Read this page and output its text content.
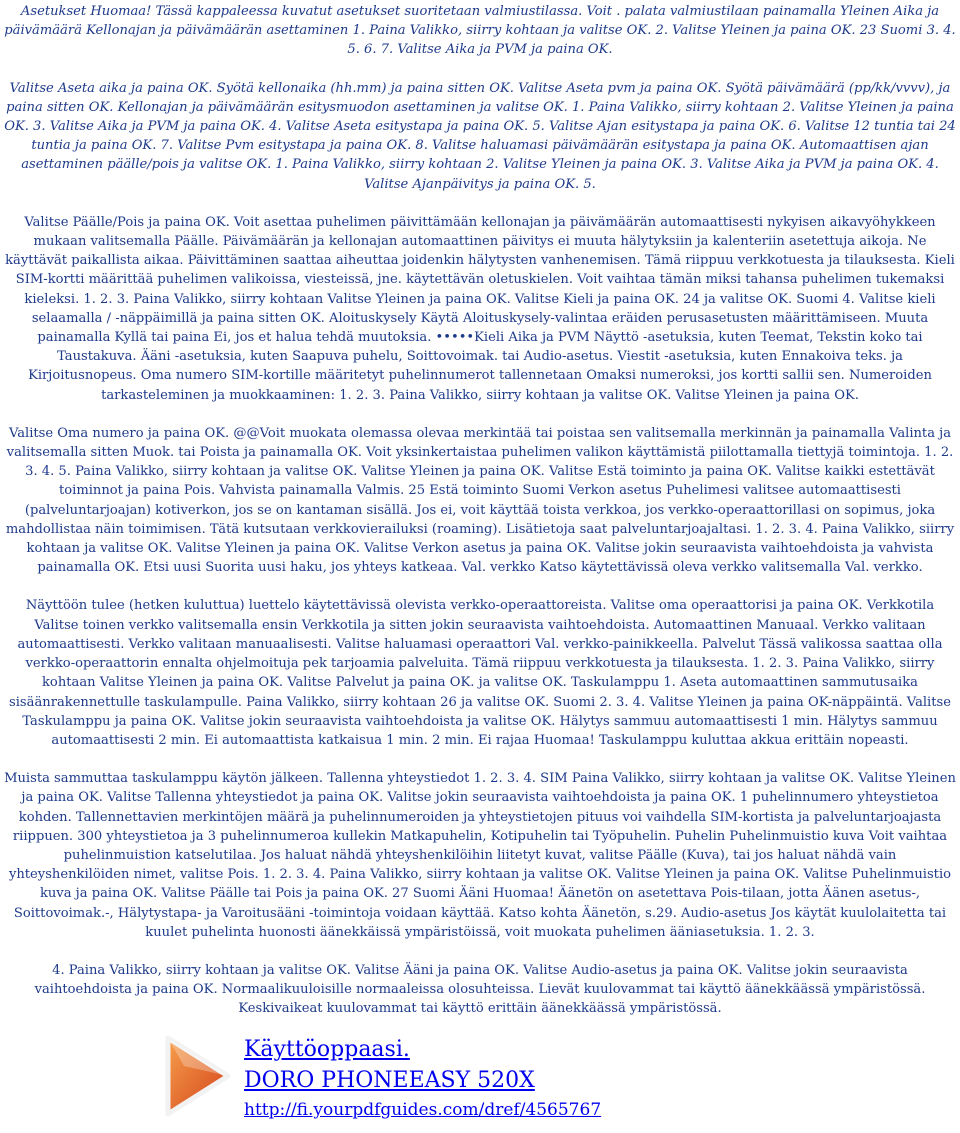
Asetukset Huomaa! Tässä kappaleessa kuvatut asetukset suoritetaan valmiustilassa. Voit . palata valmiustilaan painamalla Yleinen Aika ja päivämäärä Kellonajan ja päivämäärän asettaminen 1. Paina Valikko, siirry kohtaan ja valitse OK. 2. Valitse Yleinen ja paina OK. 23 Suomi 3. 4. 5. 6. 7. Valitse Aika ja PVM ja paina OK.

Valitse Aseta aika ja paina OK. Syötä kellonaika (hh.mm) ja paina sitten OK. Valitse Aseta pvm ja paina OK. Syötä päivämäärä (pp/kk/vvvv), ja paina sitten OK. Kellonajan ja päivämäärän esitysmuodon asettaminen ja valitse OK. 1. Paina Valikko, siirry kohtaan 2. Valitse Yleinen ja paina OK. 3. Valitse Aika ja PVM ja paina OK. 4. Valitse Aseta esitystapa ja paina OK. 5. Valitse Ajan esitystapa ja paina OK. 6. Valitse 12 tuntia tai 24 tuntia ja paina OK. 7. Valitse Pvm esitystapa ja paina OK. 8. Valitse haluamasi päivämäärän esitystapa ja paina OK. Automaattisen ajan asettaminen päälle/pois ja valitse OK. 1. Paina Valikko, siirry kohtaan 2. Valitse Yleinen ja paina OK. 3. Valitse Aika ja PVM ja paina OK. 4. Valitse Ajanpäivitys ja paina OK. 5.

Valitse Päälle/Pois ja paina OK. Voit asettaa puhelimen päivittämään kellonajan ja päivämäärän automaattisesti nykyisen aikavyöhykkeen mukaan valitsemalla Päälle. Päivämäärän ja kellonajan automaattinen päivitys ei muuta hälytyksiin ja kalenteriin asetettuja aikoja. Ne käyttävät paikallista aikaa. Päivittäminen saattaa aiheuttaa joidenkin hälytysten vanhenemisen. Tämä riippuu verkkotuesta ja tilauksesta. Kieli SIM-kortti määrittää puhelimen valikoissa, viesteissä, jne. käytettävän oletuskielen. Voit vaihtaa tämän miksi tahansa puhelimen tukemaksi kieleksi. 1. 2. 3. Paina Valikko, siirry kohtaan Valitse Yleinen ja paina OK. Valitse Kieli ja paina OK. 24 ja valitse OK. Suomi 4. Valitse kieli selaamalla / -näppäimillä ja paina sitten OK. Aloituskysely Käytä Aloituskysely-valintaa eräiden perusasetusten määrittämiseen. Muuta painamalla Kyllä tai paina Ei, jos et halua tehdä muutoksia. •••••Kieli Aika ja PVM Näyttö -asetuksia, kuten Teemat, Tekstin koko tai Taustakuva. Ääni -asetuksia, kuten Saapuva puhelu, Soittovoimak. tai Audio-asetus. Viestit -asetuksia, kuten Ennakoiva teks. ja Kirjoitusnopeus. Oma numero SIM-kortille määritetyt puhelinnumerot tallennetaan Omaksi numeroksi, jos kortti sallii sen. Numeroiden tarkasteleminen ja muokkaaminen: 1. 2. 3. Paina Valikko, siirry kohtaan ja valitse OK. Valitse Yleinen ja paina OK.

Valitse Oma numero ja paina OK. @@Voit muokata olemassa olevaa merkintää tai poistaa sen valitsemalla merkinnän ja painamalla Valinta ja valitsemalla sitten Muok. tai Poista ja painamalla OK. Voit yksinkertaistaa puhelimen valikon käyttämistä piilottamalla tiettyjä toimintoja. 1. 2. 3. 4. 5. Paina Valikko, siirry kohtaan ja valitse OK. Valitse Yleinen ja paina OK. Valitse Estä toiminto ja paina OK. Valitse kaikki estettävät toiminnot ja paina Pois. Vahvista painamalla Valmis. 25 Estä toiminto Suomi Verkon asetus Puhelimesi valitsee automaattisesti (palveluntarjoajan) kotiverkon, jos se on kantaman sisällä. Jos ei, voit käyttää toista verkkoa, jos verkko-operaattorillasi on sopimus, joka mahdollistaa näin toimimisen. Tätä kutsutaan verkkovierailuksi (roaming). Lisätietoja saat palveluntarjoajaltasi. 1. 2. 3. 4. Paina Valikko, siirry kohtaan ja valitse OK. Valitse Yleinen ja paina OK. Valitse Verkon asetus ja paina OK. Valitse jokin seuraavista vaihtoehdoista ja vahvista painamalla OK. Etsi uusi Suorita uusi haku, jos yhteys katkeaa. Val. verkko Katso käytettävissä oleva verkko valitsemalla Val. verkko.

Näyttöön tulee (hetken kuluttua) luettelo käytettävissä olevista verkko-operaattoreista. Valitse oma operaattorisi ja paina OK. Verkkotila Valitse toinen verkko valitsemalla ensin Verkkotila ja sitten jokin seuraavista vaihtoehdoista. Automaattinen Manuaal. Verkko valitaan automaattisesti. Verkko valitaan manuaalisesti. Valitse haluamasi operaattori Val. verkko-painikkeella. Palvelut Tässä valikossa saattaa olla verkko-operaattorin ennalta ohjelmoituja pek tarjoamia palveluita. Tämä riippuu verkkotuesta ja tilauksesta. 1. 2. 3. Paina Valikko, siirry kohtaan Valitse Yleinen ja paina OK. Valitse Palvelut ja paina OK. ja valitse OK. Taskulamppu 1. Aseta automaattinen sammutusaika sisäänrakennettulle taskulampulle. Paina Valikko, siirry kohtaan 26 ja valitse OK. Suomi 2. 3. 4. Valitse Yleinen ja paina OK-näppäintä. Valitse Taskulamppu ja paina OK. Valitse jokin seuraavista vaihtoehdoista ja valitse OK. Hälytys sammuu automaattisesti 1 min. Hälytys sammuu automaattisesti 2 min. Ei automaattista katkaisua 1 min. 2 min. Ei rajaa Huomaa! Taskulamppu kuluttaa akkua erittäin nopeasti.

Muista sammuttaa taskulamppu käytön jälkeen. Tallenna yhteystiedot 1. 2. 3. 4. SIM Paina Valikko, siirry kohtaan ja valitse OK. Valitse Yleinen ja paina OK. Valitse Tallenna yhteystiedot ja paina OK. Valitse jokin seuraavista vaihtoehdoista ja paina OK. 1 puhelinnumero yhteystietoa kohden. Tallennettavien merkintöjen määrä ja puhelinnumeroiden ja yhteystietojen pituus voi vaihdella SIM-kortista ja palveluntarjoajasta riippuen. 300 yhteystietoa ja 3 puhelinnumeroa kullekin Matkapuhelin, Kotipuhelin tai Työpuhelin. Puhelin Puhelinmuistio kuva Voit vaihtaa puhelinmuistion katselutilaa. Jos haluat nähdä yhteyshenkilöihin liitetyt kuvat, valitse Päälle (Kuva), tai jos haluat nähdä vain yhteyshenkilöiden nimet, valitse Pois. 1. 2. 3. 4. Paina Valikko, siirry kohtaan ja valitse OK. Valitse Yleinen ja paina OK. Valitse Puhelinmuistio kuva ja paina OK. Valitse Päälle tai Pois ja paina OK. 27 Suomi Ääni Huomaa! Äänetön on asetettava Pois-tilaan, jotta Äänen asetus-, Soittovoimak.-, Hälytystapa- ja Varoitusääni -toimintoja voidaan käyttää. Katso kohta Äänetön, s.29. Audio-asetus Jos käytät kuulolaitetta tai kuulet puhelinta huonosti äänekkäissä ympäristöissä, voit muokata puhelimen ääniasetuksia. 1. 2. 3.

4. Paina Valikko, siirry kohtaan ja valitse OK. Valitse Ääni ja paina OK. Valitse Audio-asetus ja paina OK. Valitse jokin seuraavista vaihtoehdoista ja paina OK. Normaalikuuloisille normaaleissa olosuhteissa. Lievät kuulovammat tai käyttö äänekkäässä ympäristössä. Keskivaikeat kuulovammat tai käyttö erittäin äänekkäässä ympäristössä.

Käyttöoppaasi.
DORO PHONEEASY 520X
http://fi.yourpdfguides.com/dref/4565767
